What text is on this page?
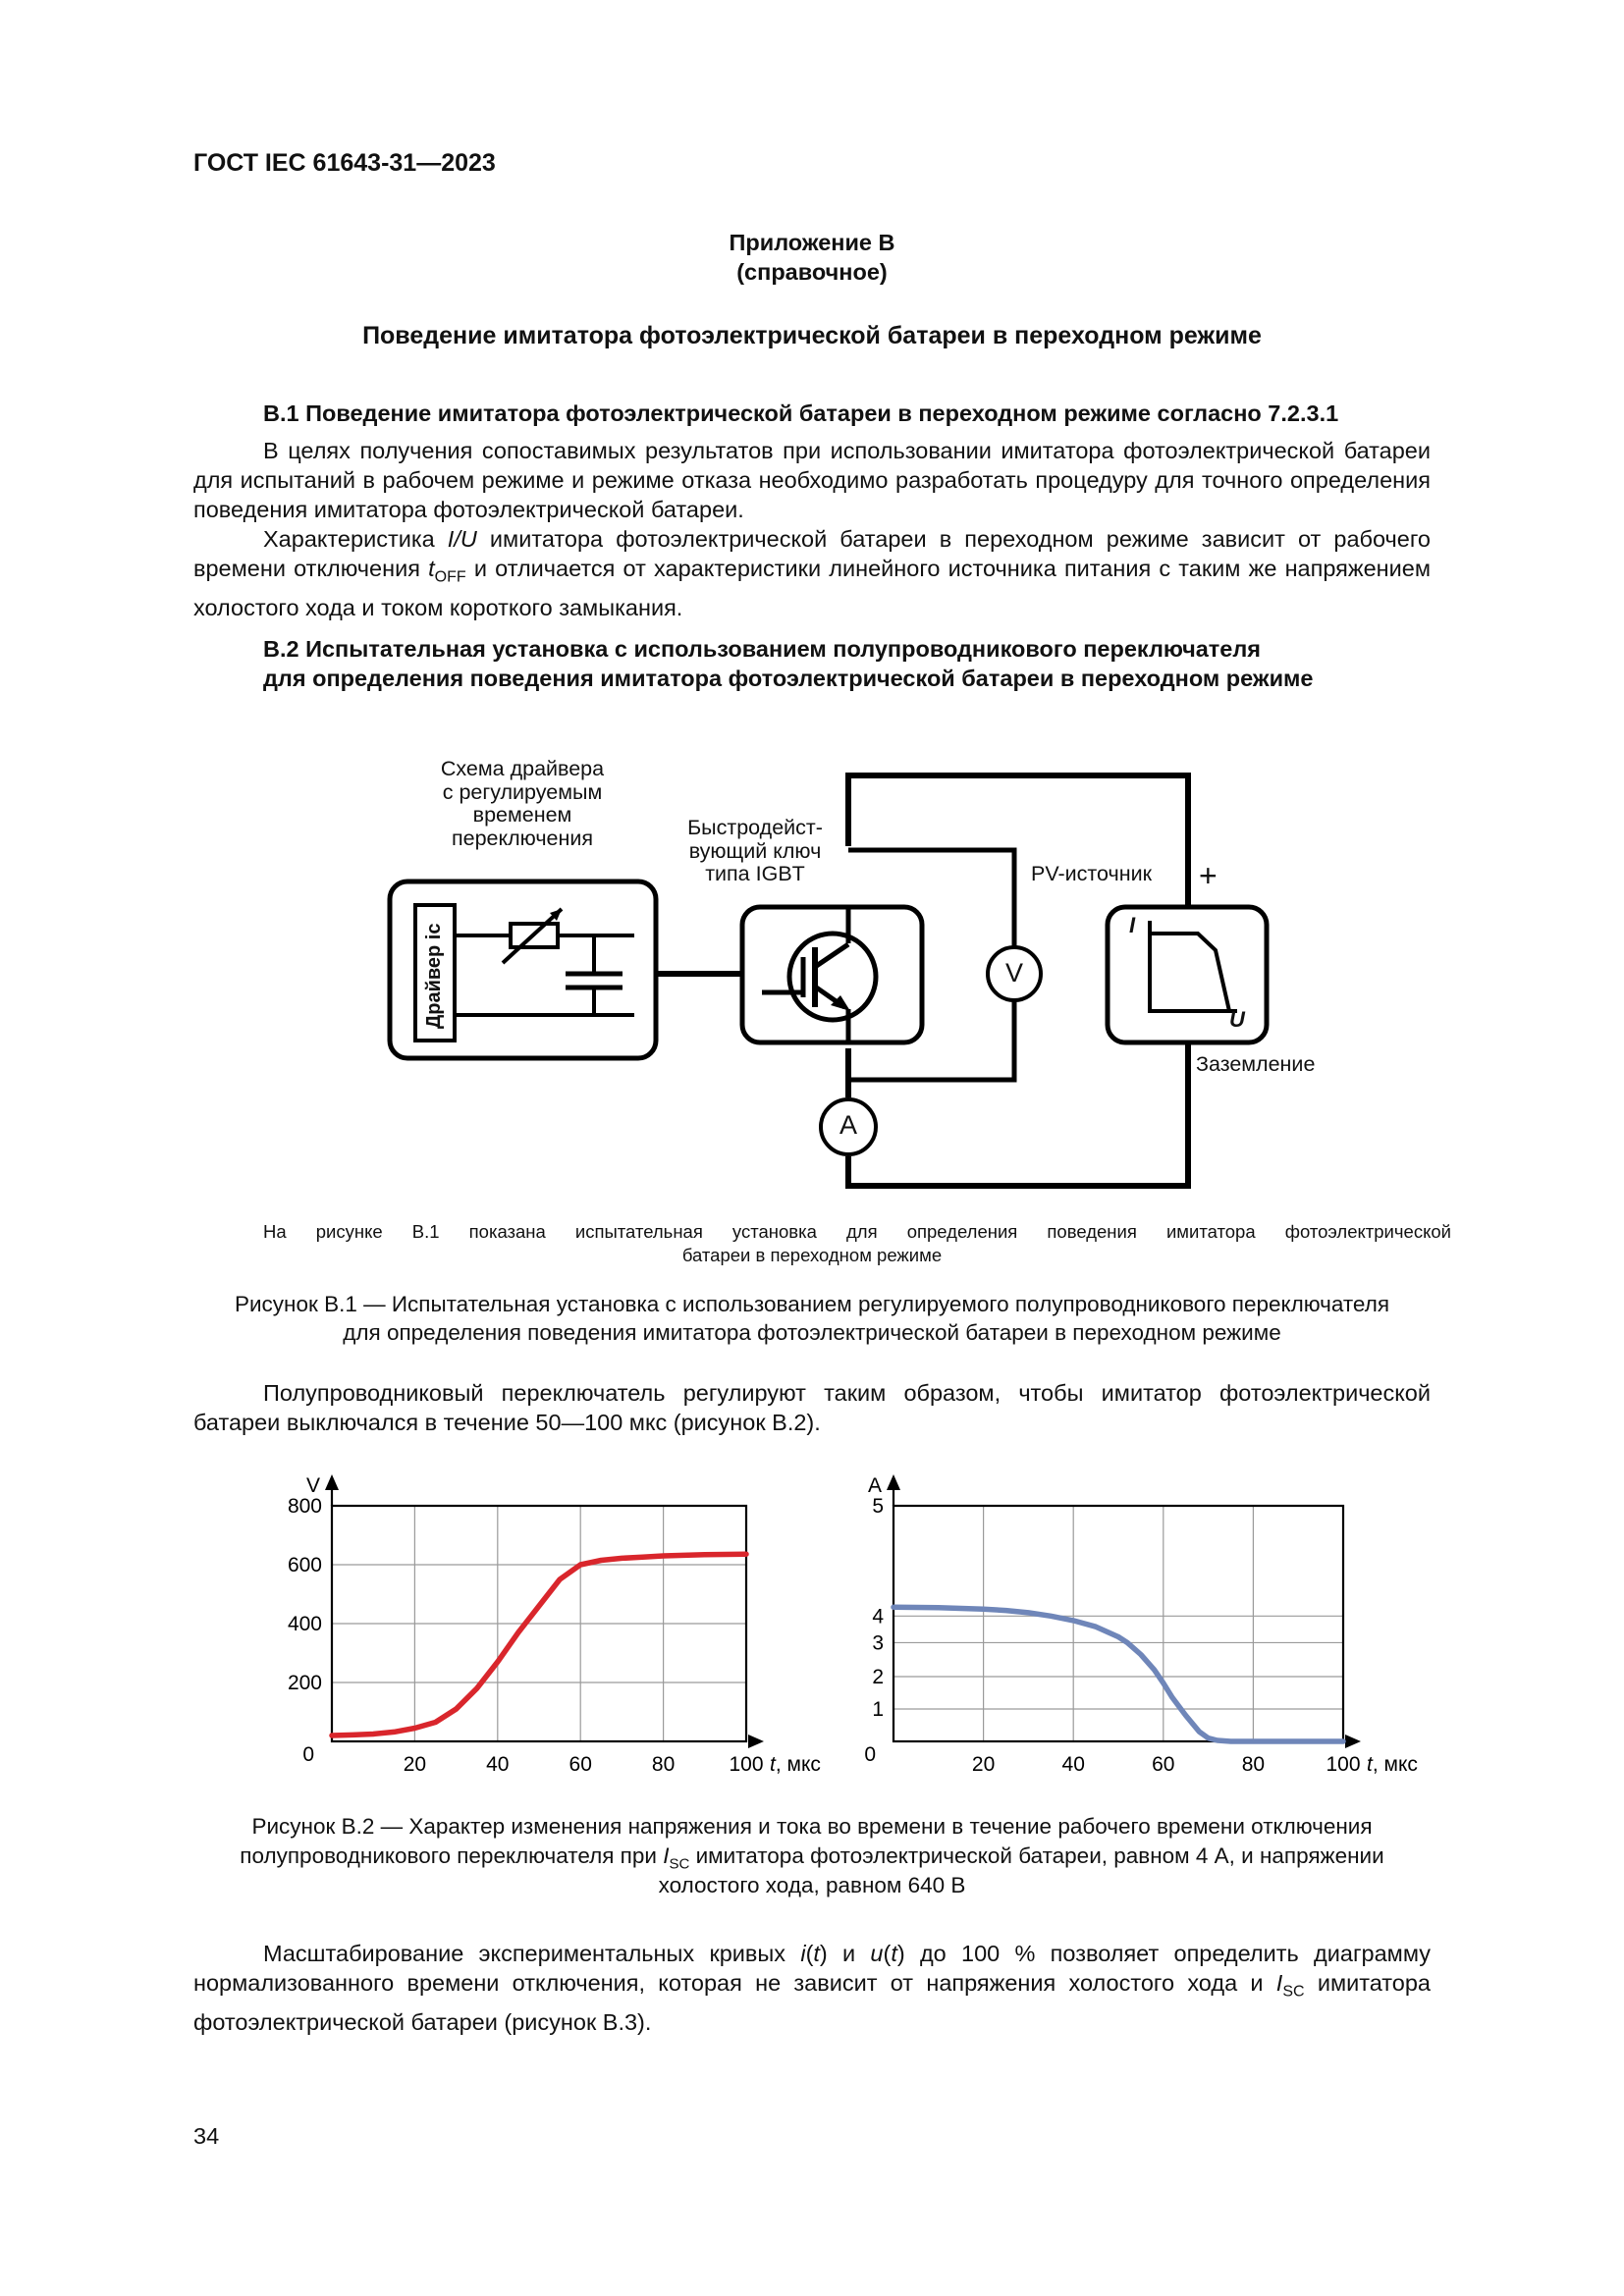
ГОСТ IEC 61643-31—2023
Приложение В
(справочное)
Поведение имитатора фотоэлектрической батареи в переходном режиме
В.1 Поведение имитатора фотоэлектрической батареи в переходном режиме согласно 7.2.3.1
В целях получения сопоставимых результатов при использовании имитатора фотоэлектрической батареи для испытаний в рабочем режиме и режиме отказа необходимо разработать процедуру для точного определения поведения имитатора фотоэлектрической батареи.
Характеристика I/U имитатора фотоэлектрической батареи в переходном режиме зависит от рабочего времени отключения $t_{OFF}$ и отличается от характеристики линейного источника питания с таким же напряжением холостого хода и током короткого замыкания.
В.2 Испытательная установка с использованием полупроводникового переключателя
для определения поведения имитатора фотоэлектрической батареи в переходном режиме
Схема драйвера
с регулируемым
временем
переключения	Быстродейст-
вующий ключ
типа IGBT
Драйвер ic	V
A
PV-источник +
Заземление
I
U
На рисунке В.1 показана испытательная установка для определения поведения имитатора фотоэлектрической
батареи в переходном режиме
Рисунок В.1 — Испытательная установка с использованием регулируемого полупроводникового переключателя
для определения поведения имитатора фотоэлектрической батареи в переходном режиме
Полупроводниковый переключатель регулируют таким образом, чтобы имитатор фотоэлектрической батареи выключался в течение 50—100 мкс (рисунок В.2).
20	40	60	80	100
200
400
600
800
0
V
t, мкс	20	40	60	80	100
1
2
3
4
5
0
A
t, мкс
Рисунок В.2 — Характер изменения напряжения и тока во времени в течение рабочего времени отключения
полупроводникового переключателя при $I_{SC}$ имитатора фотоэлектрической батареи, равном 4 А, и напряжении
холостого хода, равном 640 В
Масштабирование экспериментальных кривых i(t) и u(t) до 100 % позволяет определить диаграмму нормализованного времени отключения, которая не зависит от напряжения холостого хода и $I_{SC}$ имитатора фотоэлектрической батареи (рисунок В.3).
34
